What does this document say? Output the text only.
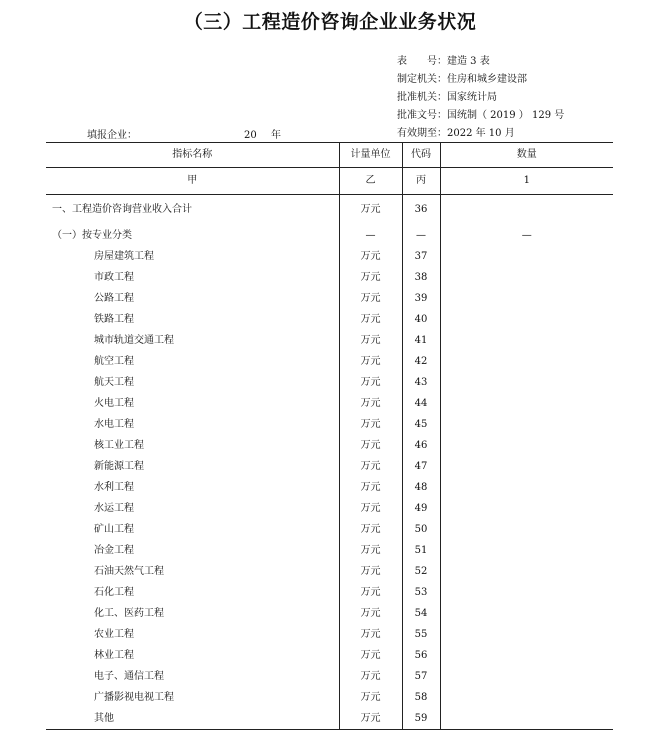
（三）工程造价咨询企业业务状况
表　　号：建造 3 表
制定机关：住房和城乡建设部
批准机关：国家统计局
批准文号：国统制（ 2019 ） 129 号
有效期至：2022 年 10 月
填报企业：	20 年
指标名称	计量单位	代码	数量
甲	乙	丙	1
一、工程造价咨询营业收入合计	万元	36	
（一）按专业分类	—	—	—
房屋建筑工程	万元	37	
市政工程	万元	38	
公路工程	万元	39	
铁路工程	万元	40	
城市轨道交通工程	万元	41	
航空工程	万元	42	
航天工程	万元	43	
火电工程	万元	44	
水电工程	万元	45	
核工业工程	万元	46	
新能源工程	万元	47	
水利工程	万元	48	
水运工程	万元	49	
矿山工程	万元	50	
冶金工程	万元	51	
石油天然气工程	万元	52	
石化工程	万元	53	
化工、医药工程	万元	54	
农业工程	万元	55	
林业工程	万元	56	
电子、通信工程	万元	57	
广播影视电视工程	万元	58	
其他	万元	59	
